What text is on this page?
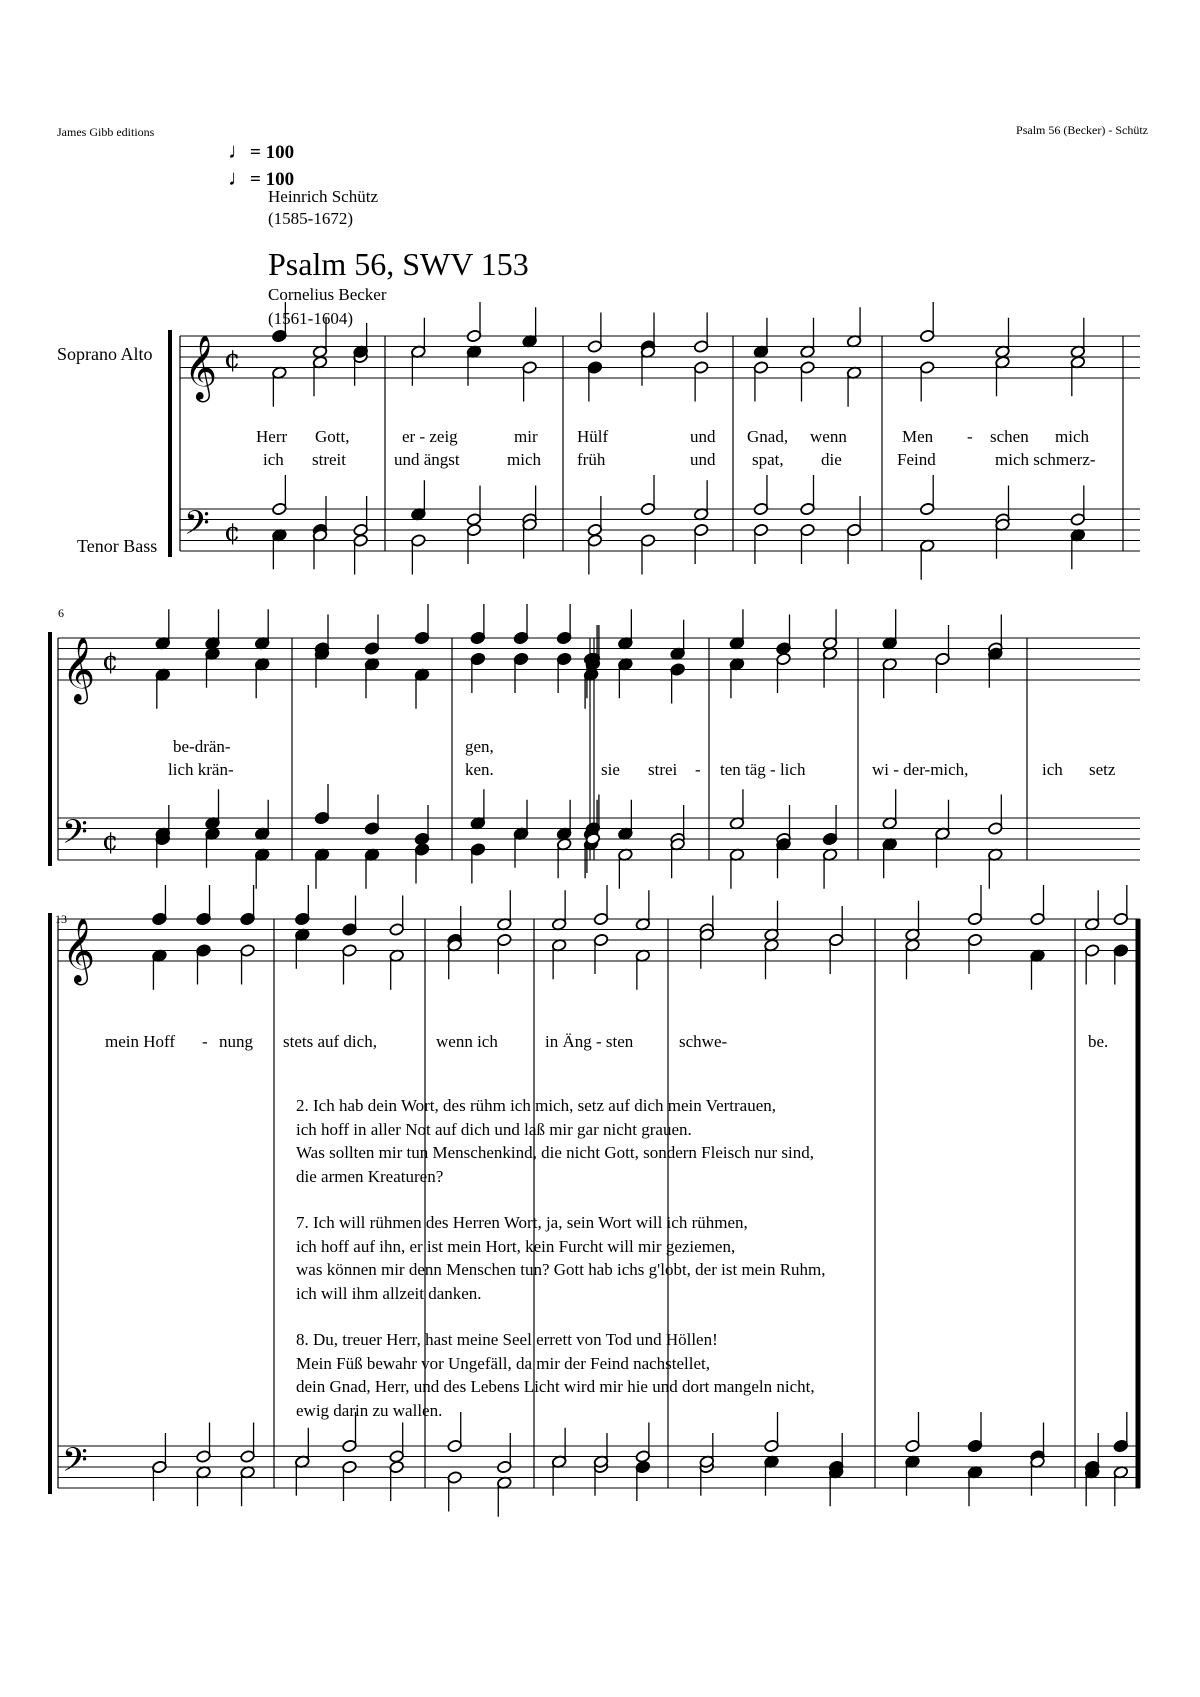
James Gibb editions	Psalm 56 (Becker) - Schütz
♩= 100
♩= 100
Heinrich Schütz
(1585-1672)
Psalm 56, SWV 153
Cornelius Becker
(1561-1604)
Soprano Alto
Tenor Bass
6
13
𝄞 ¢
𝄢 ¢
𝄞 ¢
𝄢 ¢
𝄞
𝄢
Herr Gott,	er - zeig	mir Hülf	und Gnad, wenn	Men - schen mich
ich streit	und ängst	mich früh	und spat, die	Feind	mich schmerz-
be-drän-	gen,
lich krän-	ken.	sie strei - ten täg - lich	wi - der-mich,	ich setz
mein Hoff - nung stets auf dich,	wenn ich	in Äng - sten	schwe-	be.
2. Ich hab dein Wort, des rühm ich mich, setz auf dich mein Vertrauen,
ich hoff in aller Not auf dich und laß mir gar nicht grauen.
Was sollten mir tun Menschenkind, die nicht Gott, sondern Fleisch nur sind,
die armen Kreaturen?
7. Ich will rühmen des Herren Wort, ja, sein Wort will ich rühmen,
ich hoff auf ihn, er ist mein Hort, kein Furcht will mir geziemen,
was können mir denn Menschen tun? Gott hab ichs g'lobt, der ist mein Ruhm,
ich will ihm allzeit danken.
8. Du, treuer Herr, hast meine Seel errett von Tod und Höllen!
Mein Füß bewahr vor Ungefäll, da mir der Feind nachstellet,
dein Gnad, Herr, und des Lebens Licht wird mir hie und dort mangeln nicht,
ewig darin zu wallen.
